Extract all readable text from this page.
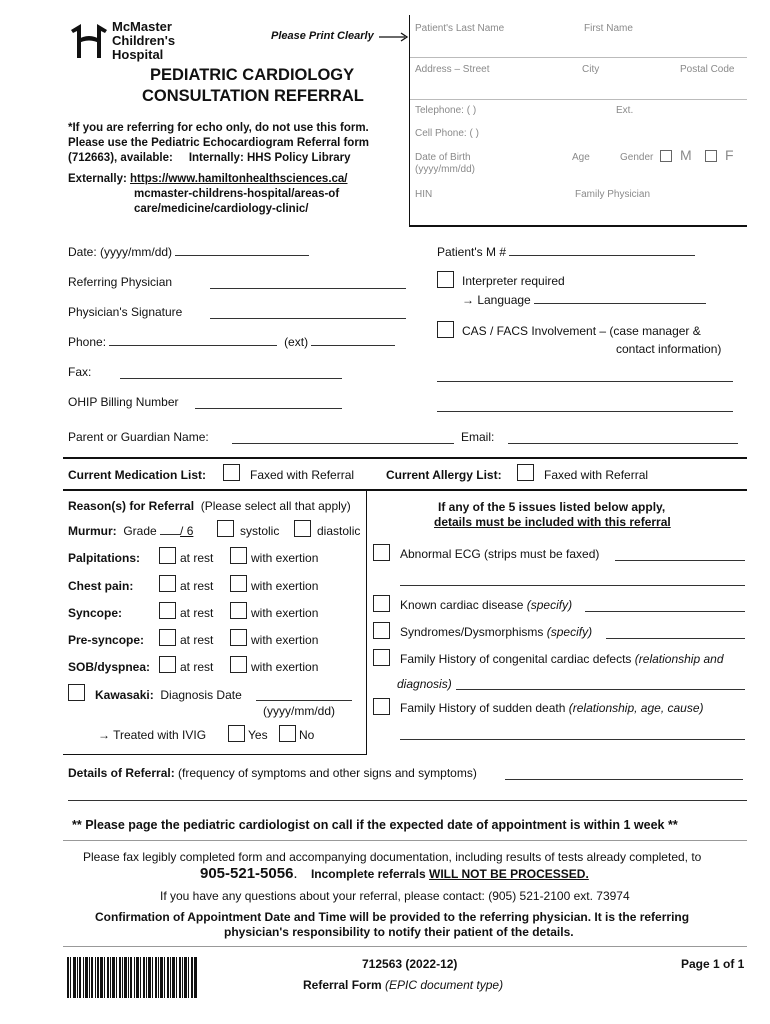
McMaster
Children's
Hospital
Please Print Clearly
PEDIATRIC CARDIOLOGY
CONSULTATION REFERRAL
*If you are referring for echo only, do not use this form.
Please use the Pediatric Echocardiogram Referral form
(712663), available: Internally: HHS Policy Library
Externally: https://www.hamiltonhealthsciences.ca/
mcmaster-childrens-hospital/areas-of
care/medicine/cardiology-clinic/
Patient's Last Name	First Name
Address – Street	City	Postal Code
Telephone: ( )	Ext.
Cell Phone: ( )
Date of Birth
(yyyy/mm/dd)
Age	Gender M F
HIN	Family Physician
Date: (yyyy/mm/dd)	Patient's M #
Referring Physician	Interpreter required
→ Language
Physician's Signature
CAS / FACS Involvement – (case manager &
contact information)
Phone:	(ext)
Fax:
OHIP Billing Number
Parent or Guardian Name:	Email:
Current Medication List:	Faxed with Referral	Current Allergy List:	Faxed with Referral
Reason(s) for Referral (Please select all that apply)
Murmur: Grade / 6	systolic	diastolic
Palpitations:	at rest	with exertion
Chest pain:	at rest	with exertion
Syncope:	at rest	with exertion
Pre-syncope:	at rest	with exertion
SOB/dyspnea: at rest	with exertion
Kawasaki: Diagnosis Date
(yyyy/mm/dd)
→ Treated with IVIG	Yes	No
If any of the 5 issues listed below apply,
details must be included with this referral
Abnormal ECG (strips must be faxed)
Known cardiac disease (specify)
Syndromes/Dysmorphisms (specify)
Family History of congenital cardiac defects (relationship and
diagnosis)
Family History of sudden death (relationship, age, cause)
Details of Referral: (frequency of symptoms and other signs and symptoms)
** Please page the pediatric cardiologist on call if the expected date of appointment is within 1 week **
Please fax legibly completed form and accompanying documentation, including results of tests already completed, to
905-521-5056. Incomplete referrals WILL NOT BE PROCESSED.
If you have any questions about your referral, please contact: (905) 521-2100 ext. 73974
Confirmation of Appointment Date and Time will be provided to the referring physician. It is the referring
physician's responsibility to notify their patient of the details.
712563 (2022-12)
Referral Form (EPIC document type)
Page 1 of 1
